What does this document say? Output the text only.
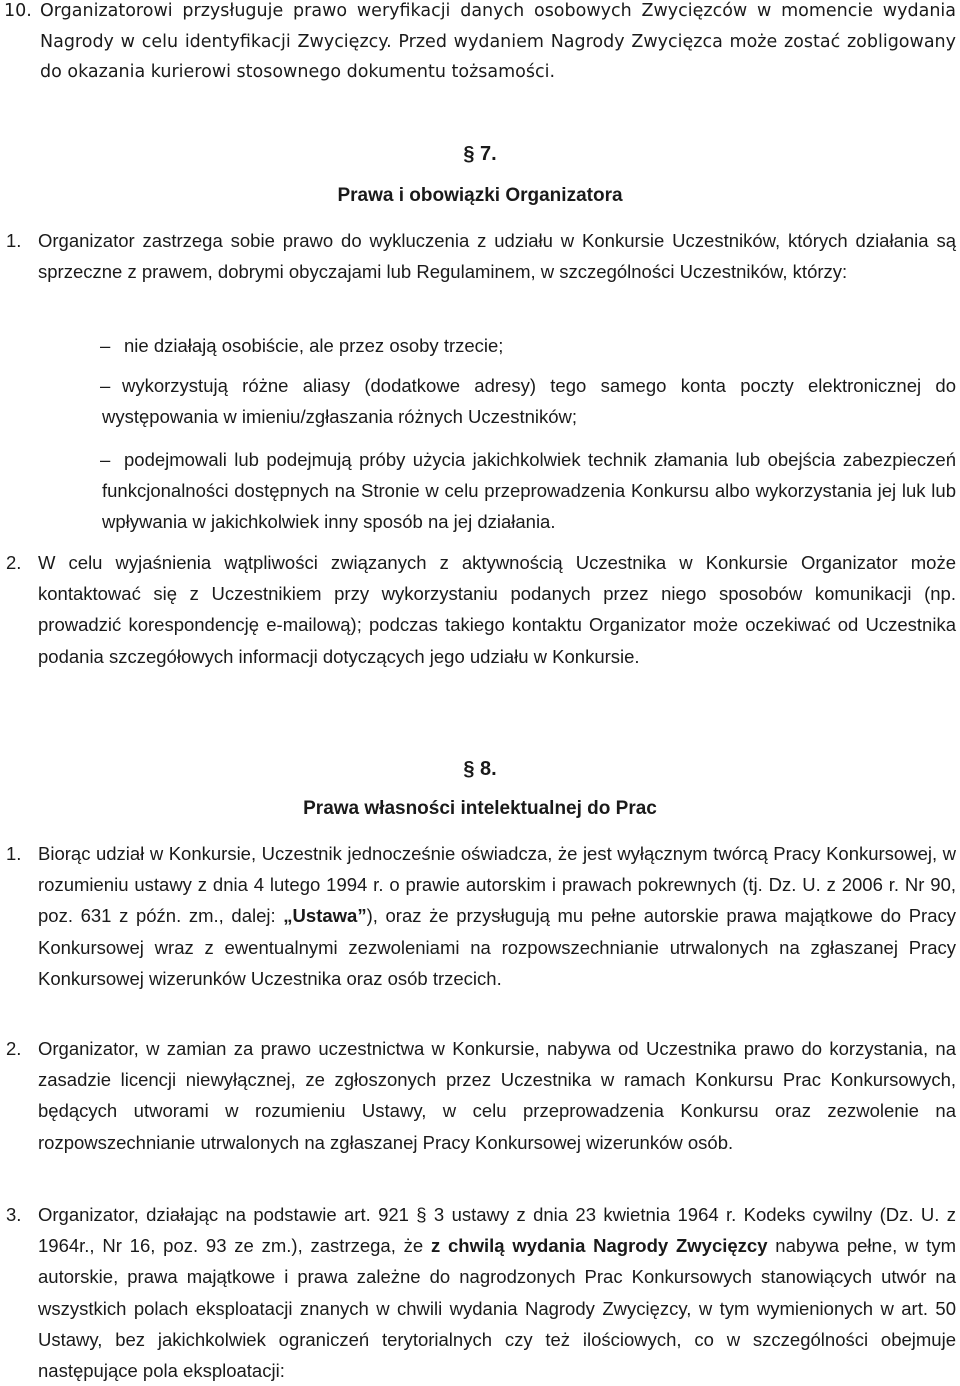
10. Organizatorowi przysługuje prawo weryfikacji danych osobowych Zwycięzców w momencie wydania Nagrody w celu identyfikacji Zwycięzcy. Przed wydaniem Nagrody Zwycięzca może zostać zobligowany do okazania kurierowi stosownego dokumentu tożsamości.

§ 7.

Prawa i obowiązki Organizatora

1. Organizator zastrzega sobie prawo do wykluczenia z udziału w Konkursie Uczestników, których działania są sprzeczne z prawem, dobrymi obyczajami lub Regulaminem, w szczególności Uczestników, którzy:

– nie działają osobiście, ale przez osoby trzecie;

– wykorzystują różne aliasy (dodatkowe adresy) tego samego konta poczty elektronicznej do występowania w imieniu/zgłaszania różnych Uczestników;

– podejmowali lub podejmują próby użycia jakichkolwiek technik złamania lub obejścia zabezpieczeń funkcjonalności dostępnych na Stronie w celu przeprowadzenia Konkursu albo wykorzystania jej luk lub wpływania w jakichkolwiek inny sposób na jej działania.

2. W celu wyjaśnienia wątpliwości związanych z aktywnością Uczestnika w Konkursie Organizator może kontaktować się z Uczestnikiem przy wykorzystaniu podanych przez niego sposobów komunikacji (np. prowadzić korespondencję e-mailową); podczas takiego kontaktu Organizator może oczekiwać od Uczestnika podania szczegółowych informacji dotyczących jego udziału w Konkursie.

§ 8.

Prawa własności intelektualnej do Prac

1. Biorąc udział w Konkursie, Uczestnik jednocześnie oświadcza, że jest wyłącznym twórcą Pracy Konkursowej, w rozumieniu ustawy z dnia 4 lutego 1994 r. o prawie autorskim i prawach pokrewnych (tj. Dz. U. z 2006 r. Nr 90, poz. 631 z późn. zm., dalej: „Ustawa”), oraz że przysługują mu pełne autorskie prawa majątkowe do Pracy Konkursowej wraz z ewentualnymi zezwoleniami na rozpowszechnianie utrwalonych na zgłaszanej Pracy Konkursowej wizerunków Uczestnika oraz osób trzecich.

2. Organizator, w zamian za prawo uczestnictwa w Konkursie, nabywa od Uczestnika prawo do korzystania, na zasadzie licencji niewyłącznej, ze zgłoszonych przez Uczestnika w ramach Konkursu Prac Konkursowych, będących utworami w rozumieniu Ustawy, w celu przeprowadzenia Konkursu oraz zezwolenie na rozpowszechnianie utrwalonych na zgłaszanej Pracy Konkursowej wizerunków osób.

3. Organizator, działając na podstawie art. 921 § 3 ustawy z dnia 23 kwietnia 1964 r. Kodeks cywilny (Dz. U. z 1964r., Nr 16, poz. 93 ze zm.), zastrzega, że z chwilą wydania Nagrody Zwycięzcy nabywa pełne, w tym autorskie, prawa majątkowe i prawa zależne do nagrodzonych Prac Konkursowych stanowiących utwór na wszystkich polach eksploatacji znanych w chwili wydania Nagrody Zwycięzcy, w tym wymienionych w art. 50 Ustawy, bez jakichkolwiek ograniczeń terytorialnych czy też ilościowych, co w szczególności obejmuje następujące pola eksploatacji:
